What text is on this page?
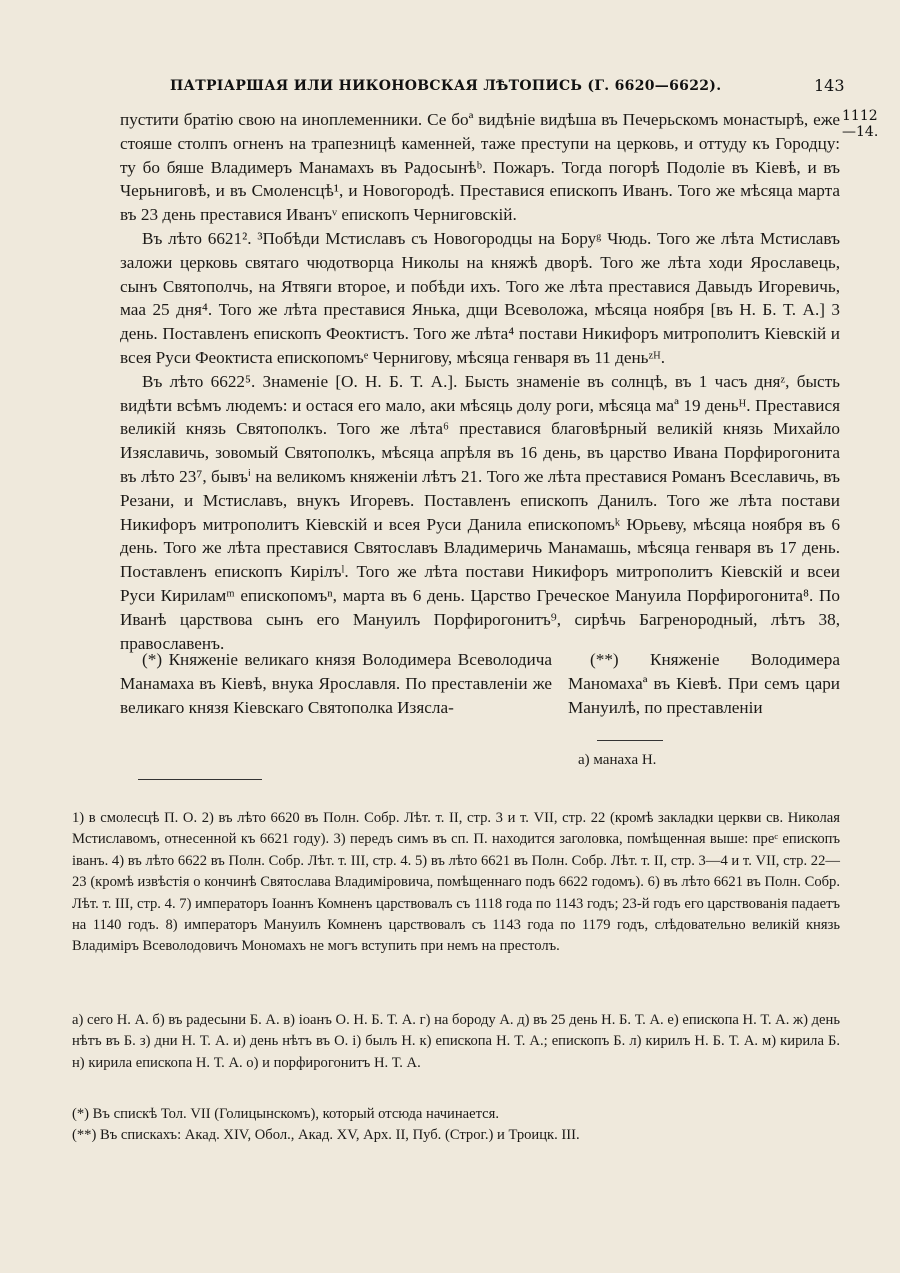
ПАТРІАРШАЯ ИЛИ НИКОНОВСКАЯ ЛѢТОПИСЬ (Г. 6620—6622).	143
1112
—14.

пустити братію свою на иноплеменники. Се боª видѣніе видѣша въ Печерьскомъ монастырѣ, еже стояше столпъ огненъ на трапезницѣ каменней, таже преступи на церковь, и оттуду къ Городцу: ту бо бяше Владимеръ Манамахъ въ Радосынѣᵇ. Пожаръ. Тогда погорѣ Подоліе въ Кіевѣ, и въ Черьниговѣ, и въ Смоленсцѣ¹, и Новогородѣ. Преставися епископъ Иванъ. Того же мѣсяца марта въ 23 день преставися Иванъᵛ епископъ Черниговскій.

Въ лѣто 6621². ³Побѣди Мстиславъ съ Новогородцы на Боруᵍ Чюдь. Того же лѣта Мстиславъ заложи церковь святаго чюдотворца Николы на княжѣ дворѣ. Того же лѣта ходи Ярославець, сынъ Святополчь, на Ятвяги второе, и побѣди ихъ. Того же лѣта преставися Давыдъ Игоревичь, маа 25 дня⁴. Того же лѣта преставися Янька, дщи Всеволожа, мѣсяца ноября [въ Н. Б. Т. А.] 3 день. Поставленъ епископъ Феоктистъ. Того же лѣта⁴ постави Никифоръ митрополитъ Кіевскій и всея Руси Феоктиста епископомъᵉ Чернигову, мѣсяца генваря въ 11 деньᶻᴴ.

Въ лѣто 6622⁵. Знаменіе [О. Н. Б. Т. А.]. Бысть знаменіе въ солнцѣ, въ 1 часъ дняᶻ, бысть видѣти всѣмъ людемъ: и остася его мало, аки мѣсяць долу роги, мѣсяца маª 19 деньᴴ. Преставися великій князь Святополкъ. Того же лѣта⁶ преставися благовѣрный великій князь Михайло Изяславичь, зовомый Святополкъ, мѣсяца апрѣля въ 16 день, въ царство Ивана Порфирогонита въ лѣто 23⁷, бывъⁱ на великомъ княженіи лѣтъ 21. Того же лѣта преставися Романъ Всеславичь, въ Резани, и Мстиславъ, внукъ Игоревъ. Поставленъ епископъ Данилъ. Того же лѣта постави Никифоръ митрополитъ Кіевскій и всея Руси Данила епископомъᵏ Юрьеву, мѣсяца ноября въ 6 день. Того же лѣта преставися Святославъ Владимеричь Манамашь, мѣсяца генваря въ 17 день. Поставленъ епископъ Кирілъˡ. Того же лѣта постави Никифоръ митрополитъ Кіевскій и всеи Руси Кириламᵐ епископомъⁿ, марта въ 6 день. Царство Греческое Мануила Порфирогонита⁸. По Иванѣ царствова сынъ его Мануилъ Порфирогонитъ⁹, сирѣчь Багренородный, лѣтъ 38, православенъ.

(*) Княженіе великаго князя Володимера Всеволодича Манамаха въ Кіевѣ, внука Ярославля. По преставленіи же великаго князя Кіевскаго Святополка Изясла-

(**) Княженіе Володимера Маномахаª въ Кіевѣ. При семъ цари Мануилѣ, по преставленіи

а) манаха Н.

1) в смолесцѣ П. О. 2) въ лѣто 6620 въ Полн. Собр. Лѣт. т. II, стр. 3 и т. VII, стр. 22 (кромѣ закладки церкви св. Николая Мстиславомъ, отнесенной къ 6621 году). 3) передъ симъ въ сп. П. находится заголовка, помѣщенная выше: преᶜ епископъ іванъ. 4) въ лѣто 6622 въ Полн. Собр. Лѣт. т. III, стр. 4. 5) въ лѣто 6621 въ Полн. Собр. Лѣт. т. II, стр. 3—4 и т. VII, стр. 22—23 (кромѣ извѣстія о кончинѣ Святослава Владиміровича, помѣщеннаго подъ 6622 годомъ). 6) въ лѣто 6621 въ Полн. Собр. Лѣт. т. III, стр. 4. 7) императоръ Іоаннъ Комненъ царствовалъ съ 1118 года по 1143 годъ; 23-й годъ его царствованія падаетъ на 1140 годъ. 8) императоръ Мануилъ Комненъ царствовалъ съ 1143 года по 1179 годъ, слѣдовательно великій князь Владиміръ Всеволодовичъ Мономахъ не могъ вступить при немъ на престолъ.

а) сего Н. А. б) въ радесыни Б. А. в) іоанъ О. Н. Б. Т. А. г) на бороду А. д) въ 25 день Н. Б. Т. А. е) епископа Н. Т. А. ж) день нѣтъ въ Б. з) дни Н. Т. А. и) день нѣтъ въ О. і) былъ Н. к) епископа Н. Т. А.; епископъ Б. л) кирилъ Н. Б. Т. А. м) кирила Б. н) кирила епископа Н. Т. А. о) и порфирогонитъ Н. Т. А.

(*) Въ спискѣ Тол. VII (Голицынскомъ), который отсюда начинается.

(**) Въ спискахъ: Акад. XIV, Обол., Акад. XV, Арх. II, Пуб. (Строг.) и Троицк. III.
